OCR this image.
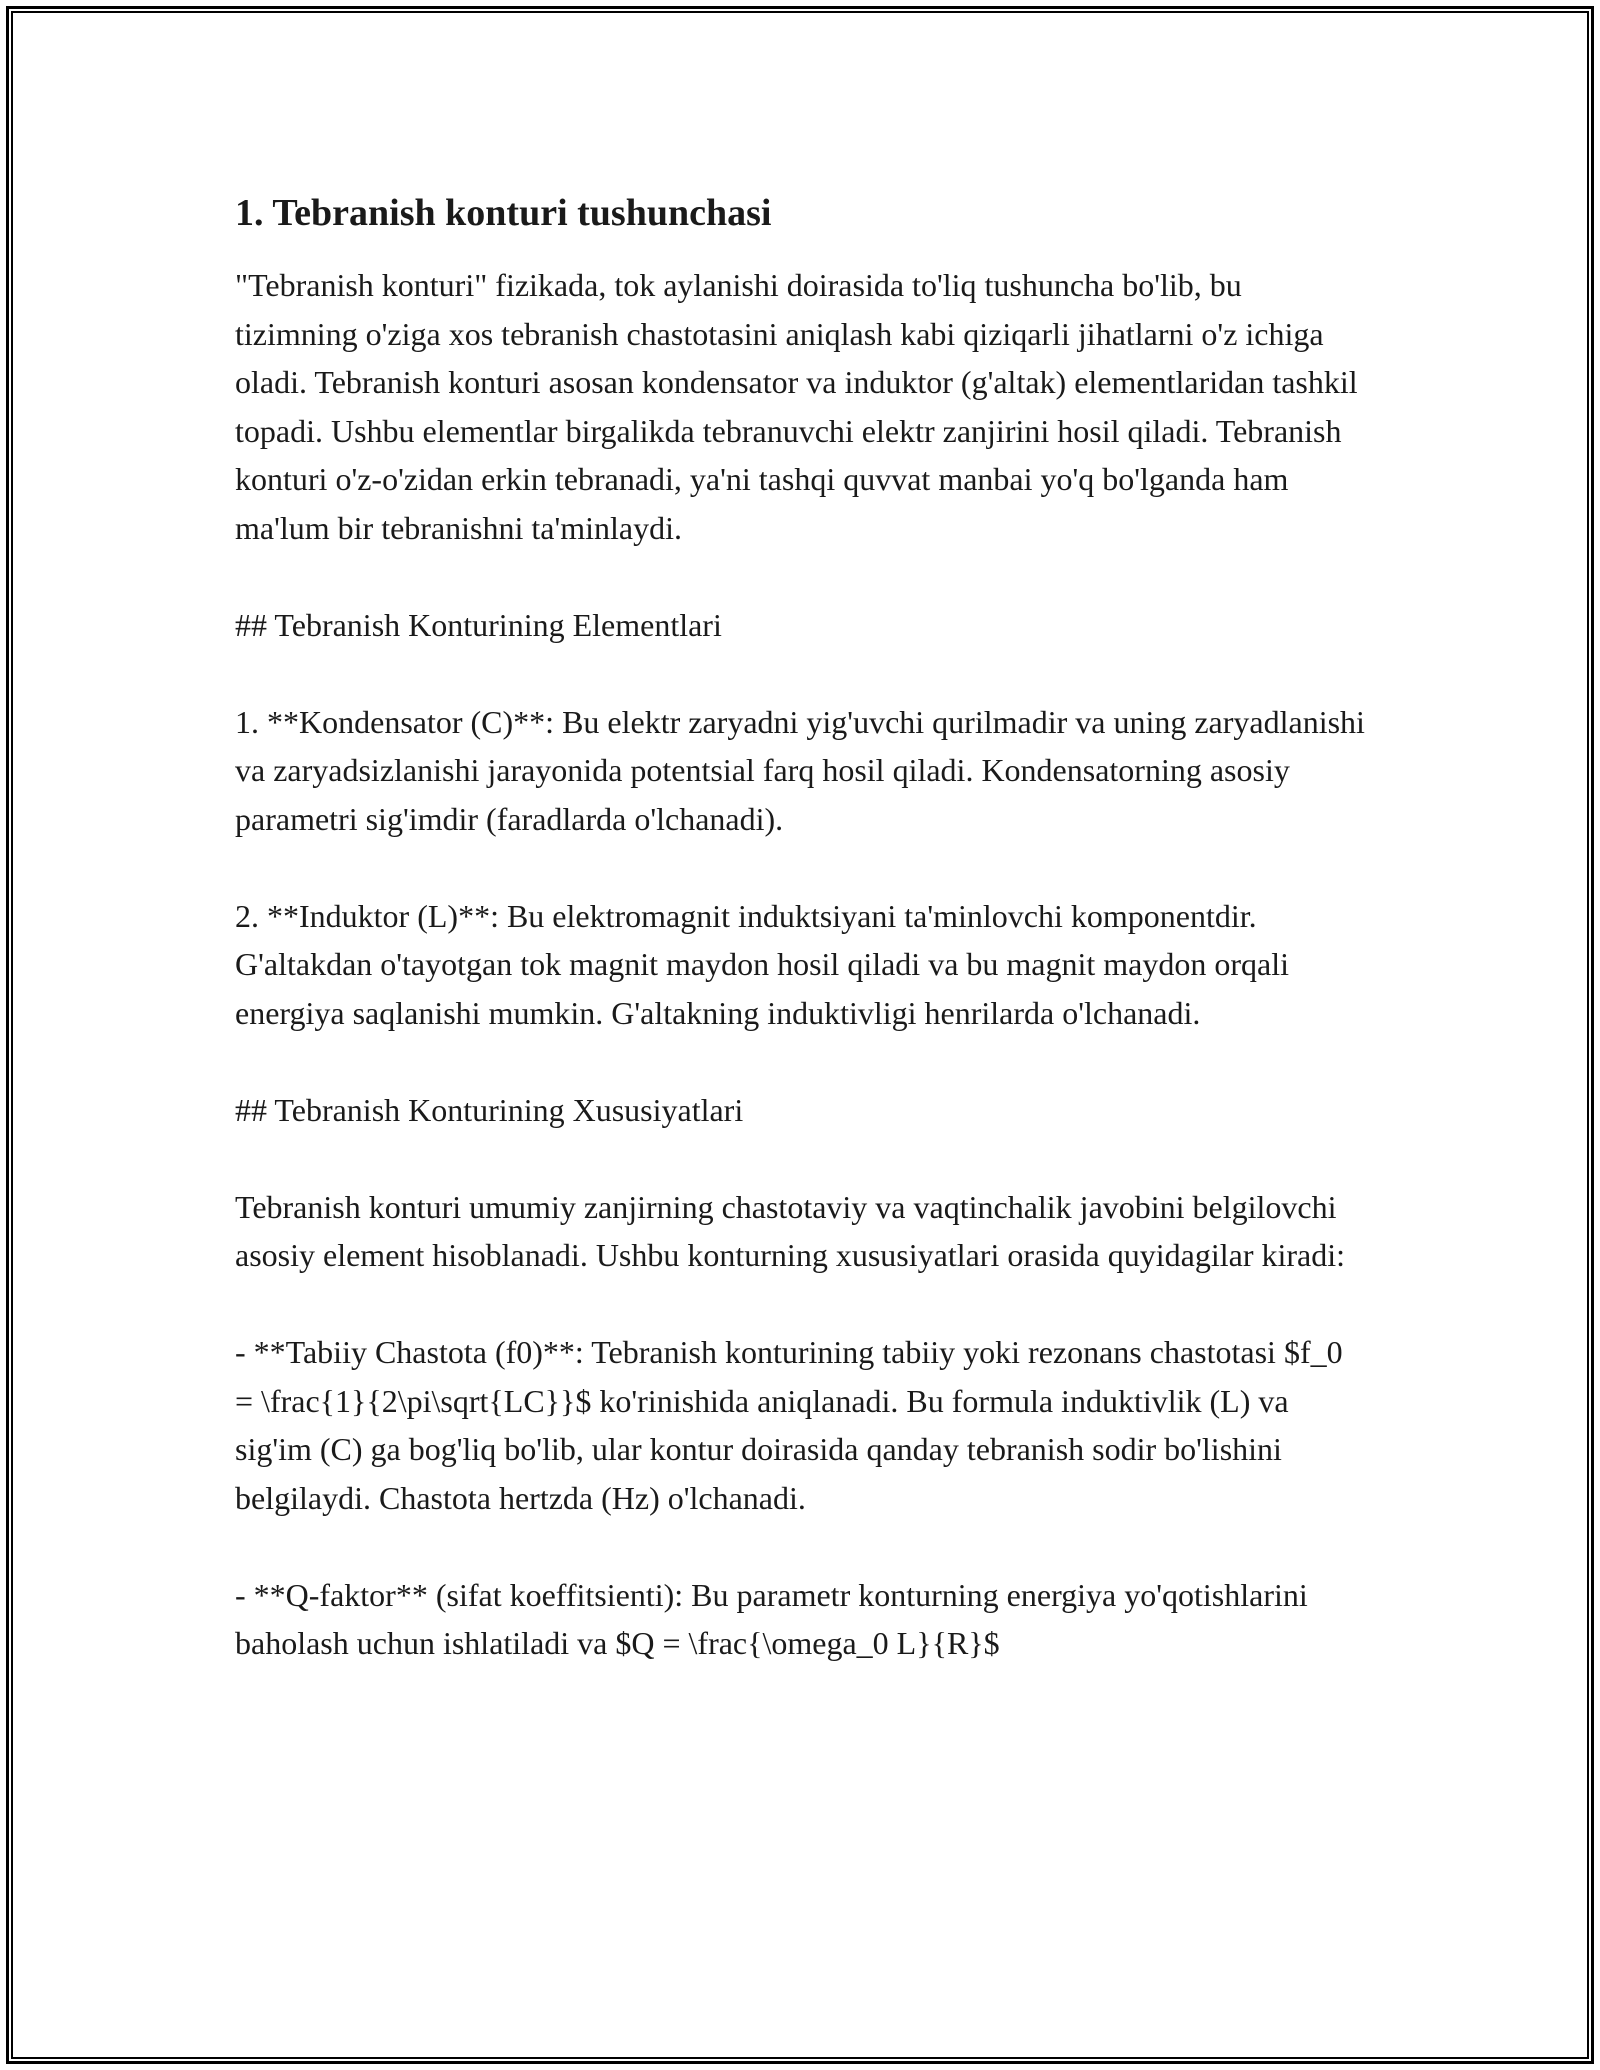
1. Tebranish konturi tushunchasi

"Tebranish konturi" fizikada, tok aylanishi doirasida to'liq tushuncha bo'lib, bu tizimning o'ziga xos tebranish chastotasini aniqlash kabi qiziqarli jihatlarni o'z ichiga oladi. Tebranish konturi asosan kondensator va induktor (g'altak) elementlaridan tashkil topadi. Ushbu elementlar birgalikda tebranuvchi elektr zanjirini hosil qiladi. Tebranish konturi o'z-o'zidan erkin tebranadi, ya'ni tashqi quvvat manbai yo'q bo'lganda ham ma'lum bir tebranishni ta'minlaydi.

## Tebranish Konturining Elementlari

1. **Kondensator (C)**: Bu elektr zaryadni yig'uvchi qurilmadir va uning zaryadlanishi va zaryadsizlanishi jarayonida potentsial farq hosil qiladi. Kondensatorning asosiy parametri sig'imdir (faradlarda o'lchanadi).

2. **Induktor (L)**: Bu elektromagnit induktsiyani ta'minlovchi komponentdir. G'altakdan o'tayotgan tok magnit maydon hosil qiladi va bu magnit maydon orqali energiya saqlanishi mumkin. G'altakning induktivligi henrilarda o'lchanadi.

## Tebranish Konturining Xususiyatlari

Tebranish konturi umumiy zanjirning chastotaviy va vaqtinchalik javobini belgilovchi asosiy element hisoblanadi. Ushbu konturning xususiyatlari orasida quyidagilar kiradi:

- **Tabiiy Chastota (f0)**: Tebranish konturining tabiiy yoki rezonans chastotasi $f_0 = \frac{1}{2\pi\sqrt{LC}}$ ko'rinishida aniqlanadi. Bu formula induktivlik (L) va sig'im (C) ga bog'liq bo'lib, ular kontur doirasida qanday tebranish sodir bo'lishini belgilaydi. Chastota hertzda (Hz) o'lchanadi.

- **Q-faktor** (sifat koeffitsienti): Bu parametr konturning energiya yo'qotishlarini baholash uchun ishlatiladi va $Q = \frac{\omega_0 L}{R}$
